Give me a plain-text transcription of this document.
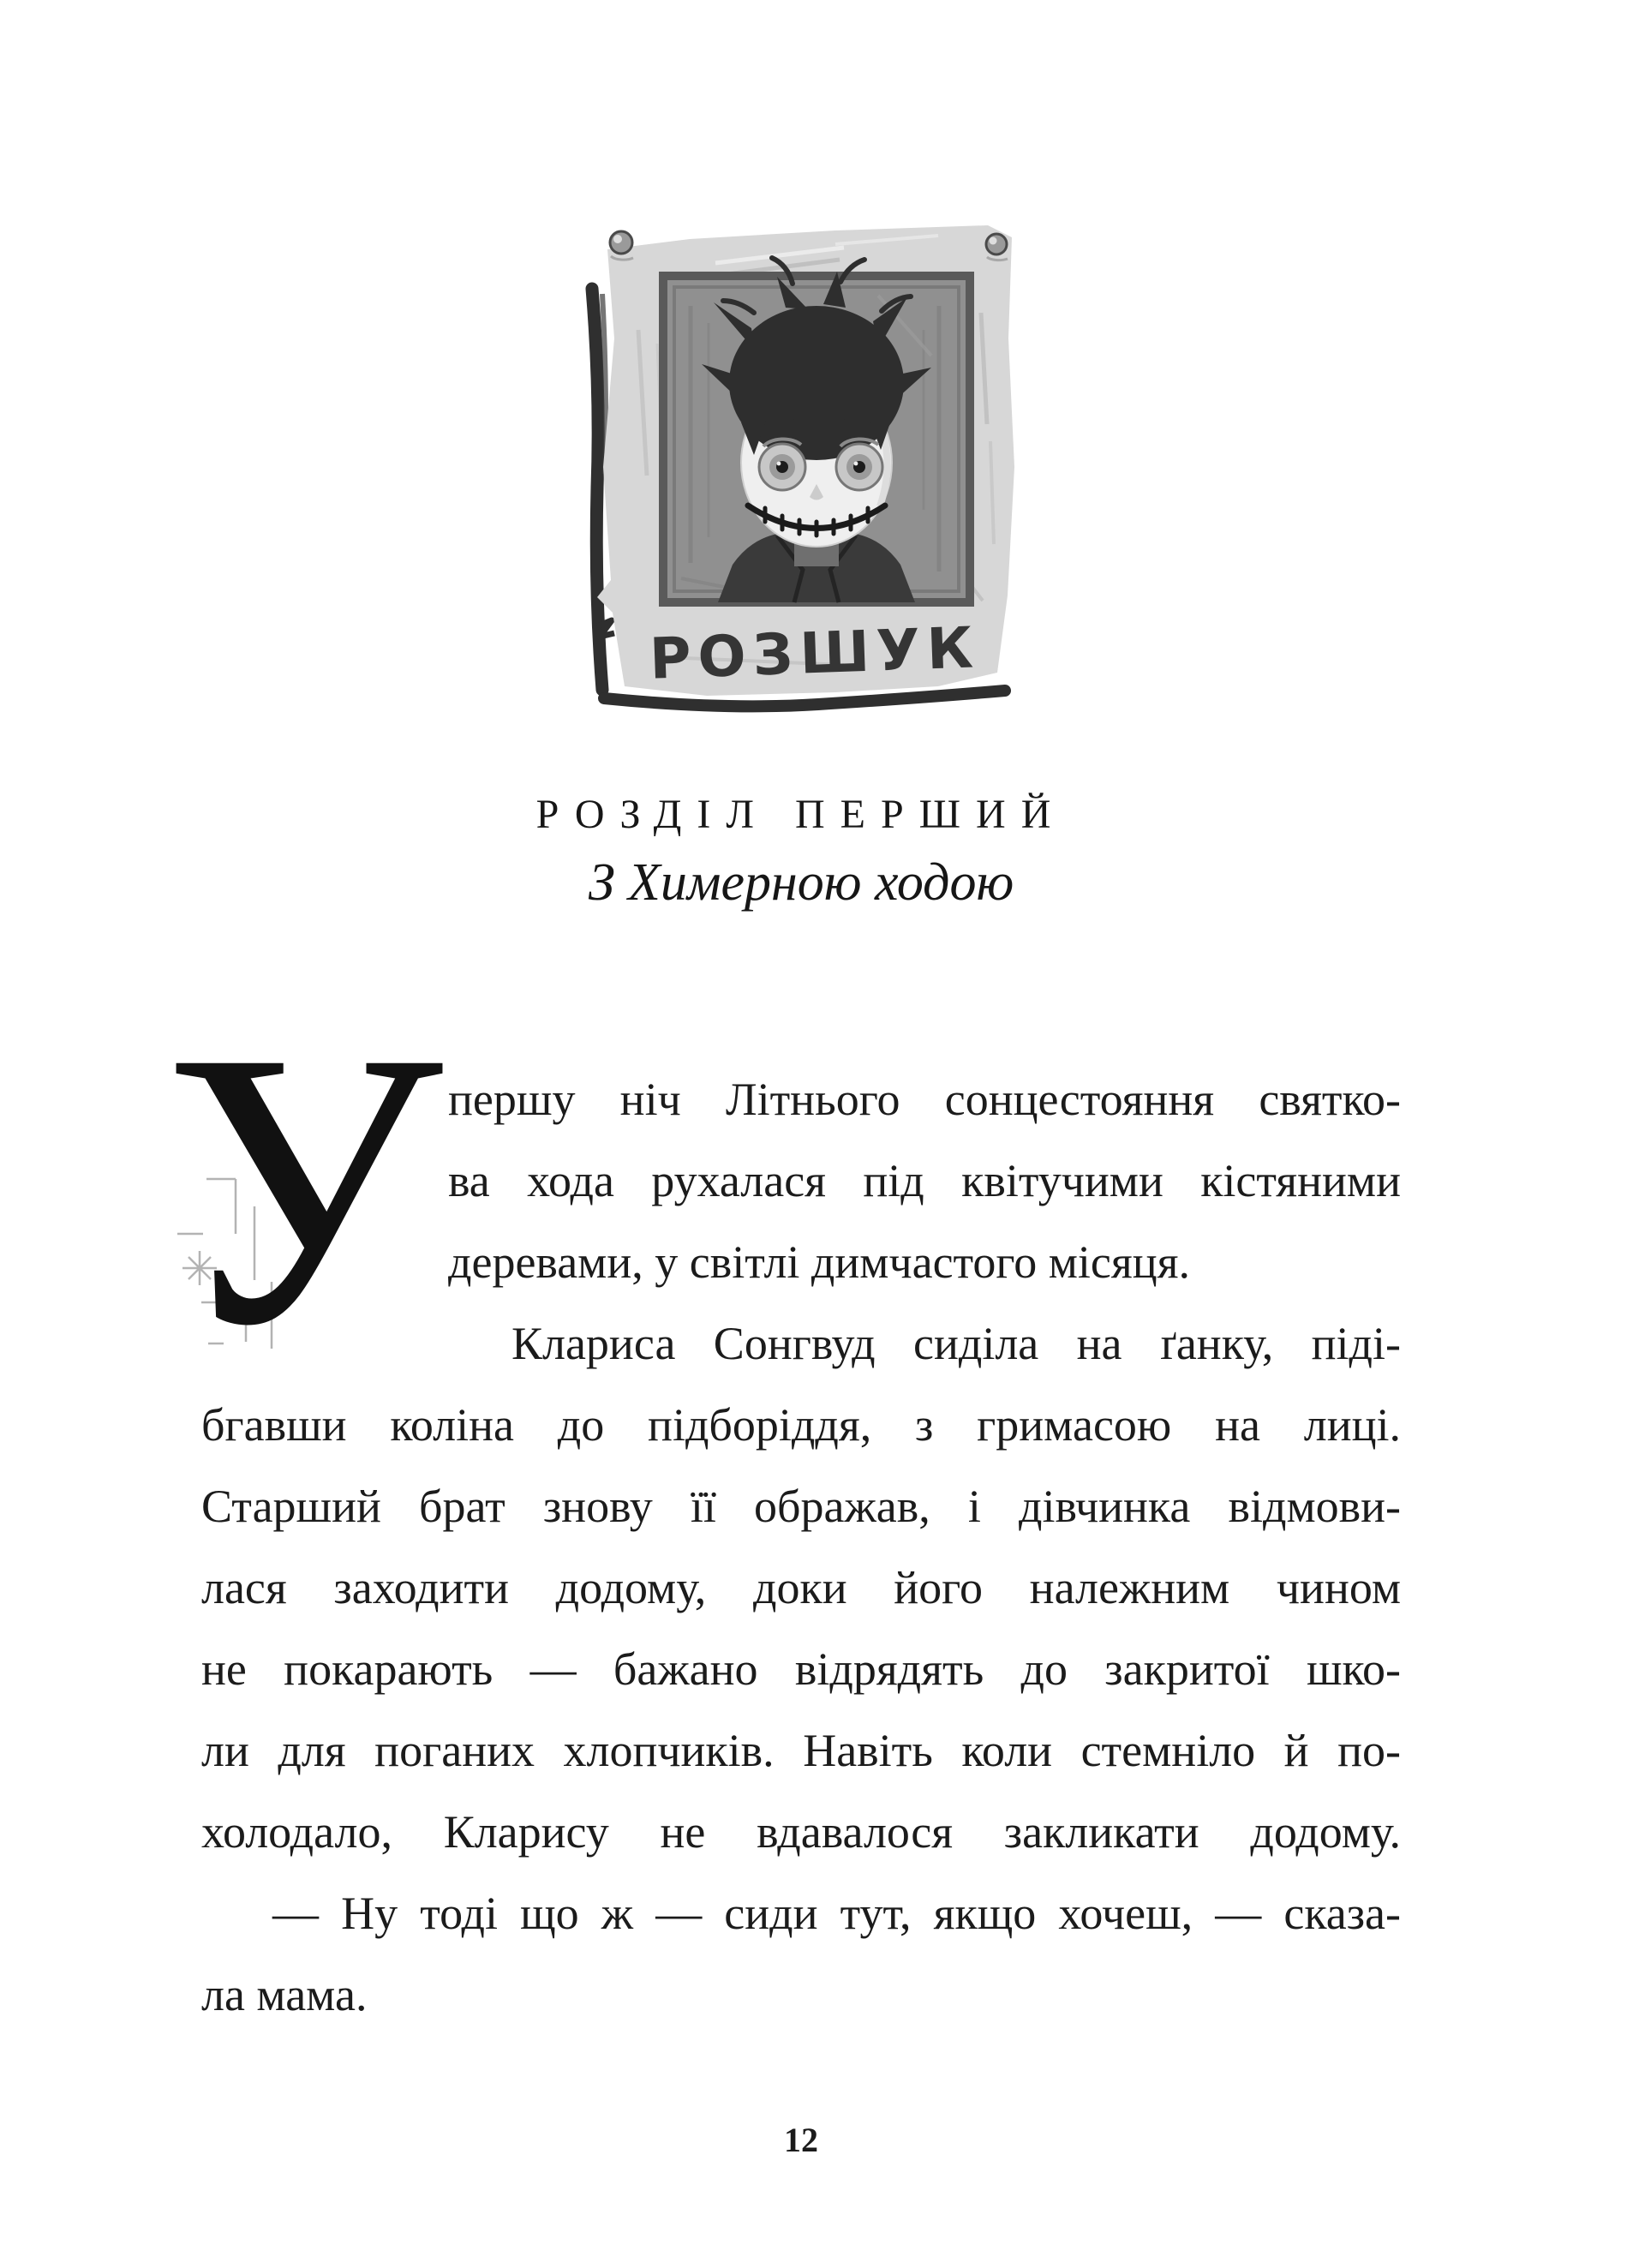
РОЗШУК
РОЗДІЛ ПЕРШИЙ
З Химерною ходою
У першу ніч Літнього сонцестояння святко-
ва хода рухалася під квітучими кістяними
деревами, у світлі димчастого місяця.
Клариса Сонгвуд сиділа на ґанку, піді-
бгавши коліна до підборіддя, з гримасою на лиці.
Старший брат знову її ображав, і дівчинка відмови-
лася заходити додому, доки його належним чином
не покарають — бажано відрядять до закритої шко-
ли для поганих хлопчиків. Навіть коли стемніло й по-
холодало, Кларису не вдавалося закликати додому.
— Ну тоді що ж — сиди тут, якщо хочеш, — сказа-
ла мама.
12
